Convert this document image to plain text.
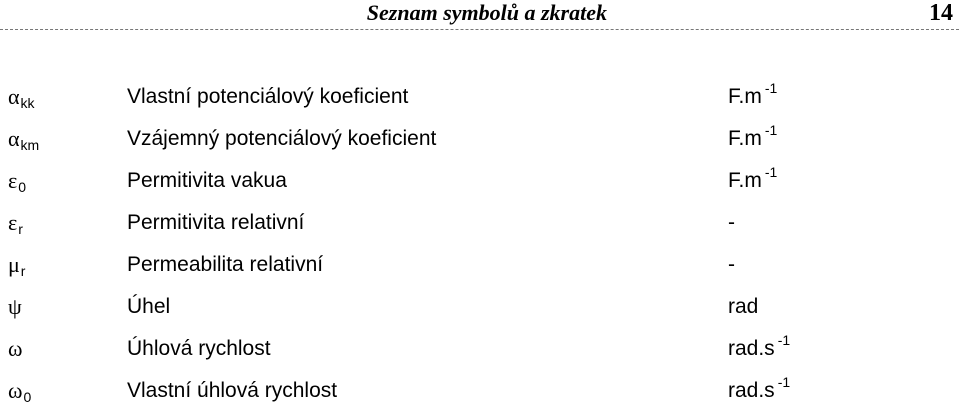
Seznam symbolů a zkratek	14
αkk	Vlastní potenciálový koeficient	F.m $^{-1}$
αkm	Vzájemný potenciálový koeficient	F.m $^{-1}$
ε0	Permitivita vakua	F.m $^{-1}$
εr	Permitivita relativní	-
μr	Permeabilita relativní	-
ψ	Úhel	rad
ω	Úhlová rychlost	rad.s $^{-1}$
ω0	Vlastní úhlová rychlost	rad.s $^{-1}$
